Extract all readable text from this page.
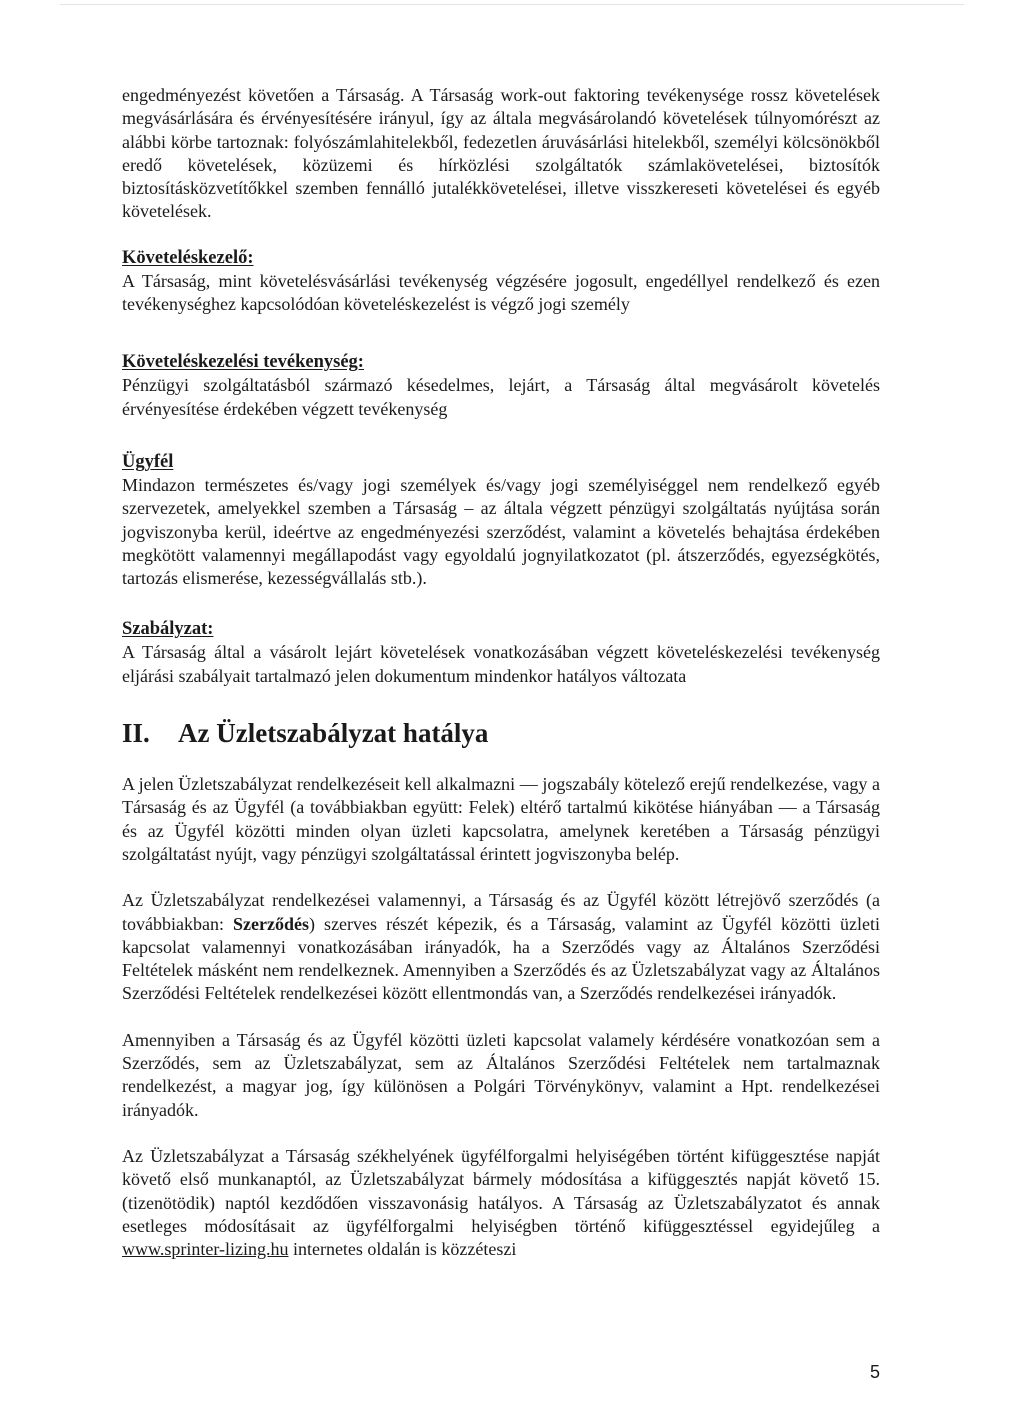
engedményezést követően a Társaság. A Társaság work-out faktoring tevékenysége rossz követelések megvásárlására és érvényesítésére irányul, így az általa megvásárolandó követelések túlnyomórészt az alábbi körbe tartoznak: folyószámlahitelekből, fedezetlen áruvásárlási hitelekből, személyi kölcsönökből eredő követelések, közüzemi és hírközlési szolgáltatók számlakövetelései, biztosítók biztosításközvetítőkkel szemben fennálló jutalékkövetelései, illetve visszkereseti követelései és egyéb követelések.

Követeléskezelő:

A Társaság, mint követelésvásárlási tevékenység végzésére jogosult, engedéllyel rendelkező és ezen tevékenységhez kapcsolódóan követeléskezelést is végző jogi személy

Követeléskezelési tevékenység:

Pénzügyi szolgáltatásból származó késedelmes, lejárt, a Társaság által megvásárolt követelés érvényesítése érdekében végzett tevékenység

Ügyfél

Mindazon természetes és/vagy jogi személyek és/vagy jogi személyiséggel nem rendelkező egyéb szervezetek, amelyekkel szemben a Társaság – az általa végzett pénzügyi szolgáltatás nyújtása során jogviszonyba kerül, ideértve az engedményezési szerződést, valamint a követelés behajtása érdekében megkötött valamennyi megállapodást vagy egyoldalú jognyilatkozatot (pl. átszerződés, egyezségkötés, tartozás elismerése, kezességvállalás stb.).

Szabályzat:

A Társaság által a vásárolt lejárt követelések vonatkozásában végzett követeléskezelési tevékenység eljárási szabályait tartalmazó jelen dokumentum mindenkor hatályos változata

II. Az Üzletszabályzat hatálya

A jelen Üzletszabályzat rendelkezéseit kell alkalmazni — jogszabály kötelező erejű rendelkezése, vagy a Társaság és az Ügyfél (a továbbiakban együtt: Felek) eltérő tartalmú kikötése hiányában — a Társaság és az Ügyfél közötti minden olyan üzleti kapcsolatra, amelynek keretében a Társaság pénzügyi szolgáltatást nyújt, vagy pénzügyi szolgáltatással érintett jogviszonyba belép.

Az Üzletszabályzat rendelkezései valamennyi, a Társaság és az Ügyfél között létrejövő szerződés (a továbbiakban: Szerződés) szerves részét képezik, és a Társaság, valamint az Ügyfél közötti üzleti kapcsolat valamennyi vonatkozásában irányadók, ha a Szerződés vagy az Általános Szerződési Feltételek másként nem rendelkeznek. Amennyiben a Szerződés és az Üzletszabályzat vagy az Általános Szerződési Feltételek rendelkezései között ellentmondás van, a Szerződés rendelkezései irányadók.

Amennyiben a Társaság és az Ügyfél közötti üzleti kapcsolat valamely kérdésére vonatkozóan sem a Szerződés, sem az Üzletszabályzat, sem az Általános Szerződési Feltételek nem tartalmaznak rendelkezést, a magyar jog, így különösen a Polgári Törvénykönyv, valamint a Hpt. rendelkezései irányadók.

Az Üzletszabályzat a Társaság székhelyének ügyfélforgalmi helyiségében történt kifüggesztése napját követő első munkanaptól, az Üzletszabályzat bármely módosítása a kifüggesztés napját követő 15. (tizenötödik) naptól kezdődően visszavonásig hatályos. A Társaság az Üzletszabályzatot és annak esetleges módosításait az ügyfélforgalmi helyiségben történő kifüggesztéssel egyidejűleg a www.sprinter-lizing.hu internetes oldalán is közzéteszi

5
